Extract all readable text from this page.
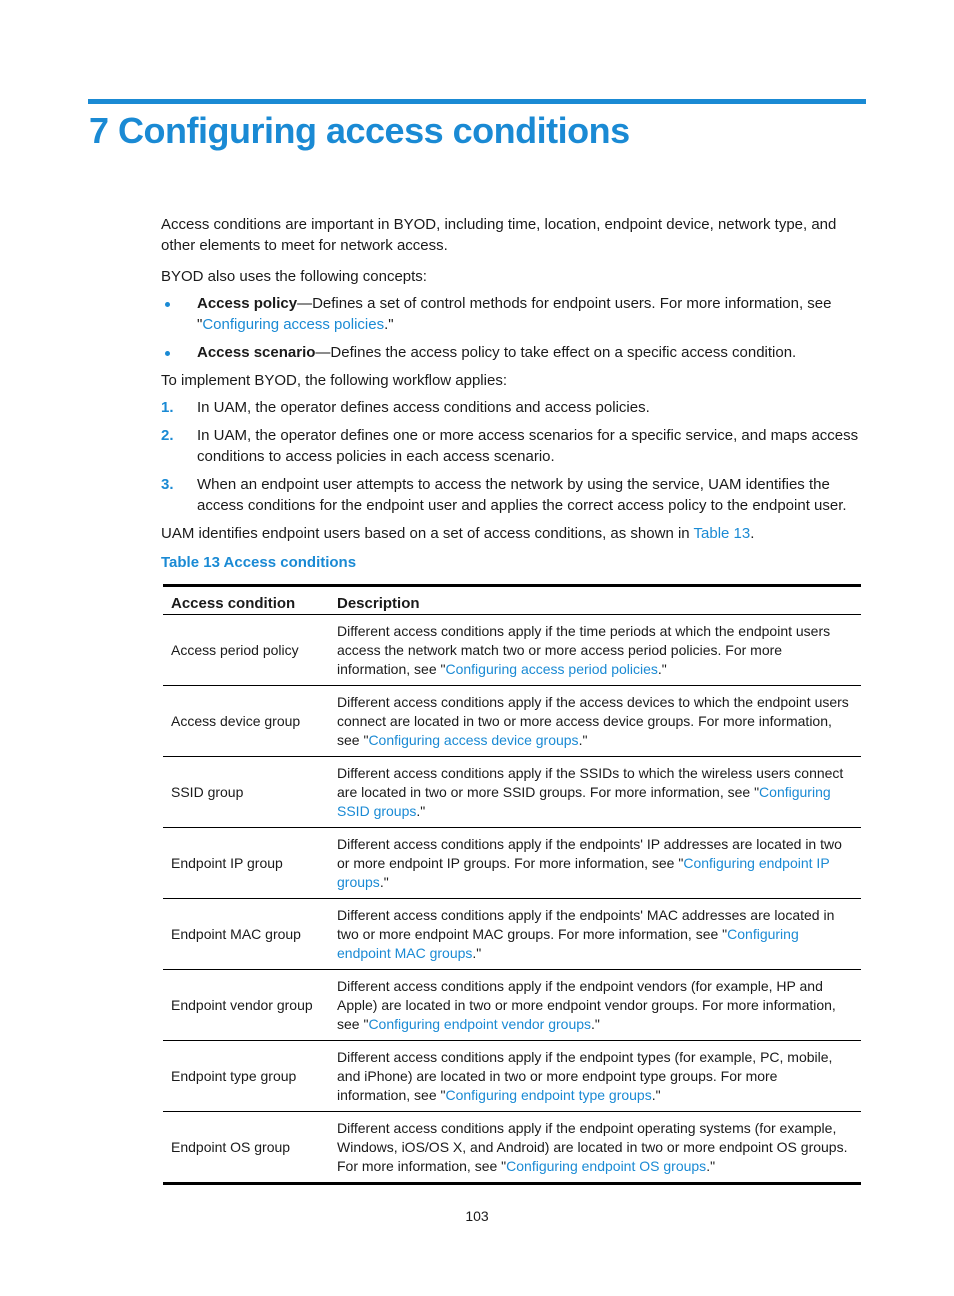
7 Configuring access conditions

Access conditions are important in BYOD, including time, location, endpoint device, network type, and other elements to meet for network access.

BYOD also uses the following concepts:

Access policy—Defines a set of control methods for endpoint users. For more information, see "Configuring access policies."
Access scenario—Defines the access policy to take effect on a specific access condition.

To implement BYOD, the following workflow applies:

1. In UAM, the operator defines access conditions and access policies.
2. In UAM, the operator defines one or more access scenarios for a specific service, and maps access conditions to access policies in each access scenario.
3. When an endpoint user attempts to access the network by using the service, UAM identifies the access conditions for the endpoint user and applies the correct access policy to the endpoint user.

UAM identifies endpoint users based on a set of access conditions, as shown in Table 13.

Table 13 Access conditions
Access condition	Description
Access period policy	Different access conditions apply if the time periods at which the endpoint users access the network match two or more access period policies. For more information, see "Configuring access period policies."
Access device group	Different access conditions apply if the access devices to which the endpoint users connect are located in two or more access device groups. For more information, see "Configuring access device groups."
SSID group	Different access conditions apply if the SSIDs to which the wireless users connect are located in two or more SSID groups. For more information, see "Configuring SSID groups."
Endpoint IP group	Different access conditions apply if the endpoints' IP addresses are located in two or more endpoint IP groups. For more information, see "Configuring endpoint IP groups."
Endpoint MAC group	Different access conditions apply if the endpoints' MAC addresses are located in two or more endpoint MAC groups. For more information, see "Configuring endpoint MAC groups."
Endpoint vendor group	Different access conditions apply if the endpoint vendors (for example, HP and Apple) are located in two or more endpoint vendor groups. For more information, see "Configuring endpoint vendor groups."
Endpoint type group	Different access conditions apply if the endpoint types (for example, PC, mobile, and iPhone) are located in two or more endpoint type groups. For more information, see "Configuring endpoint type groups."
Endpoint OS group	Different access conditions apply if the endpoint operating systems (for example, Windows, iOS/OS X, and Android) are located in two or more endpoint OS groups. For more information, see "Configuring endpoint OS groups."
103
